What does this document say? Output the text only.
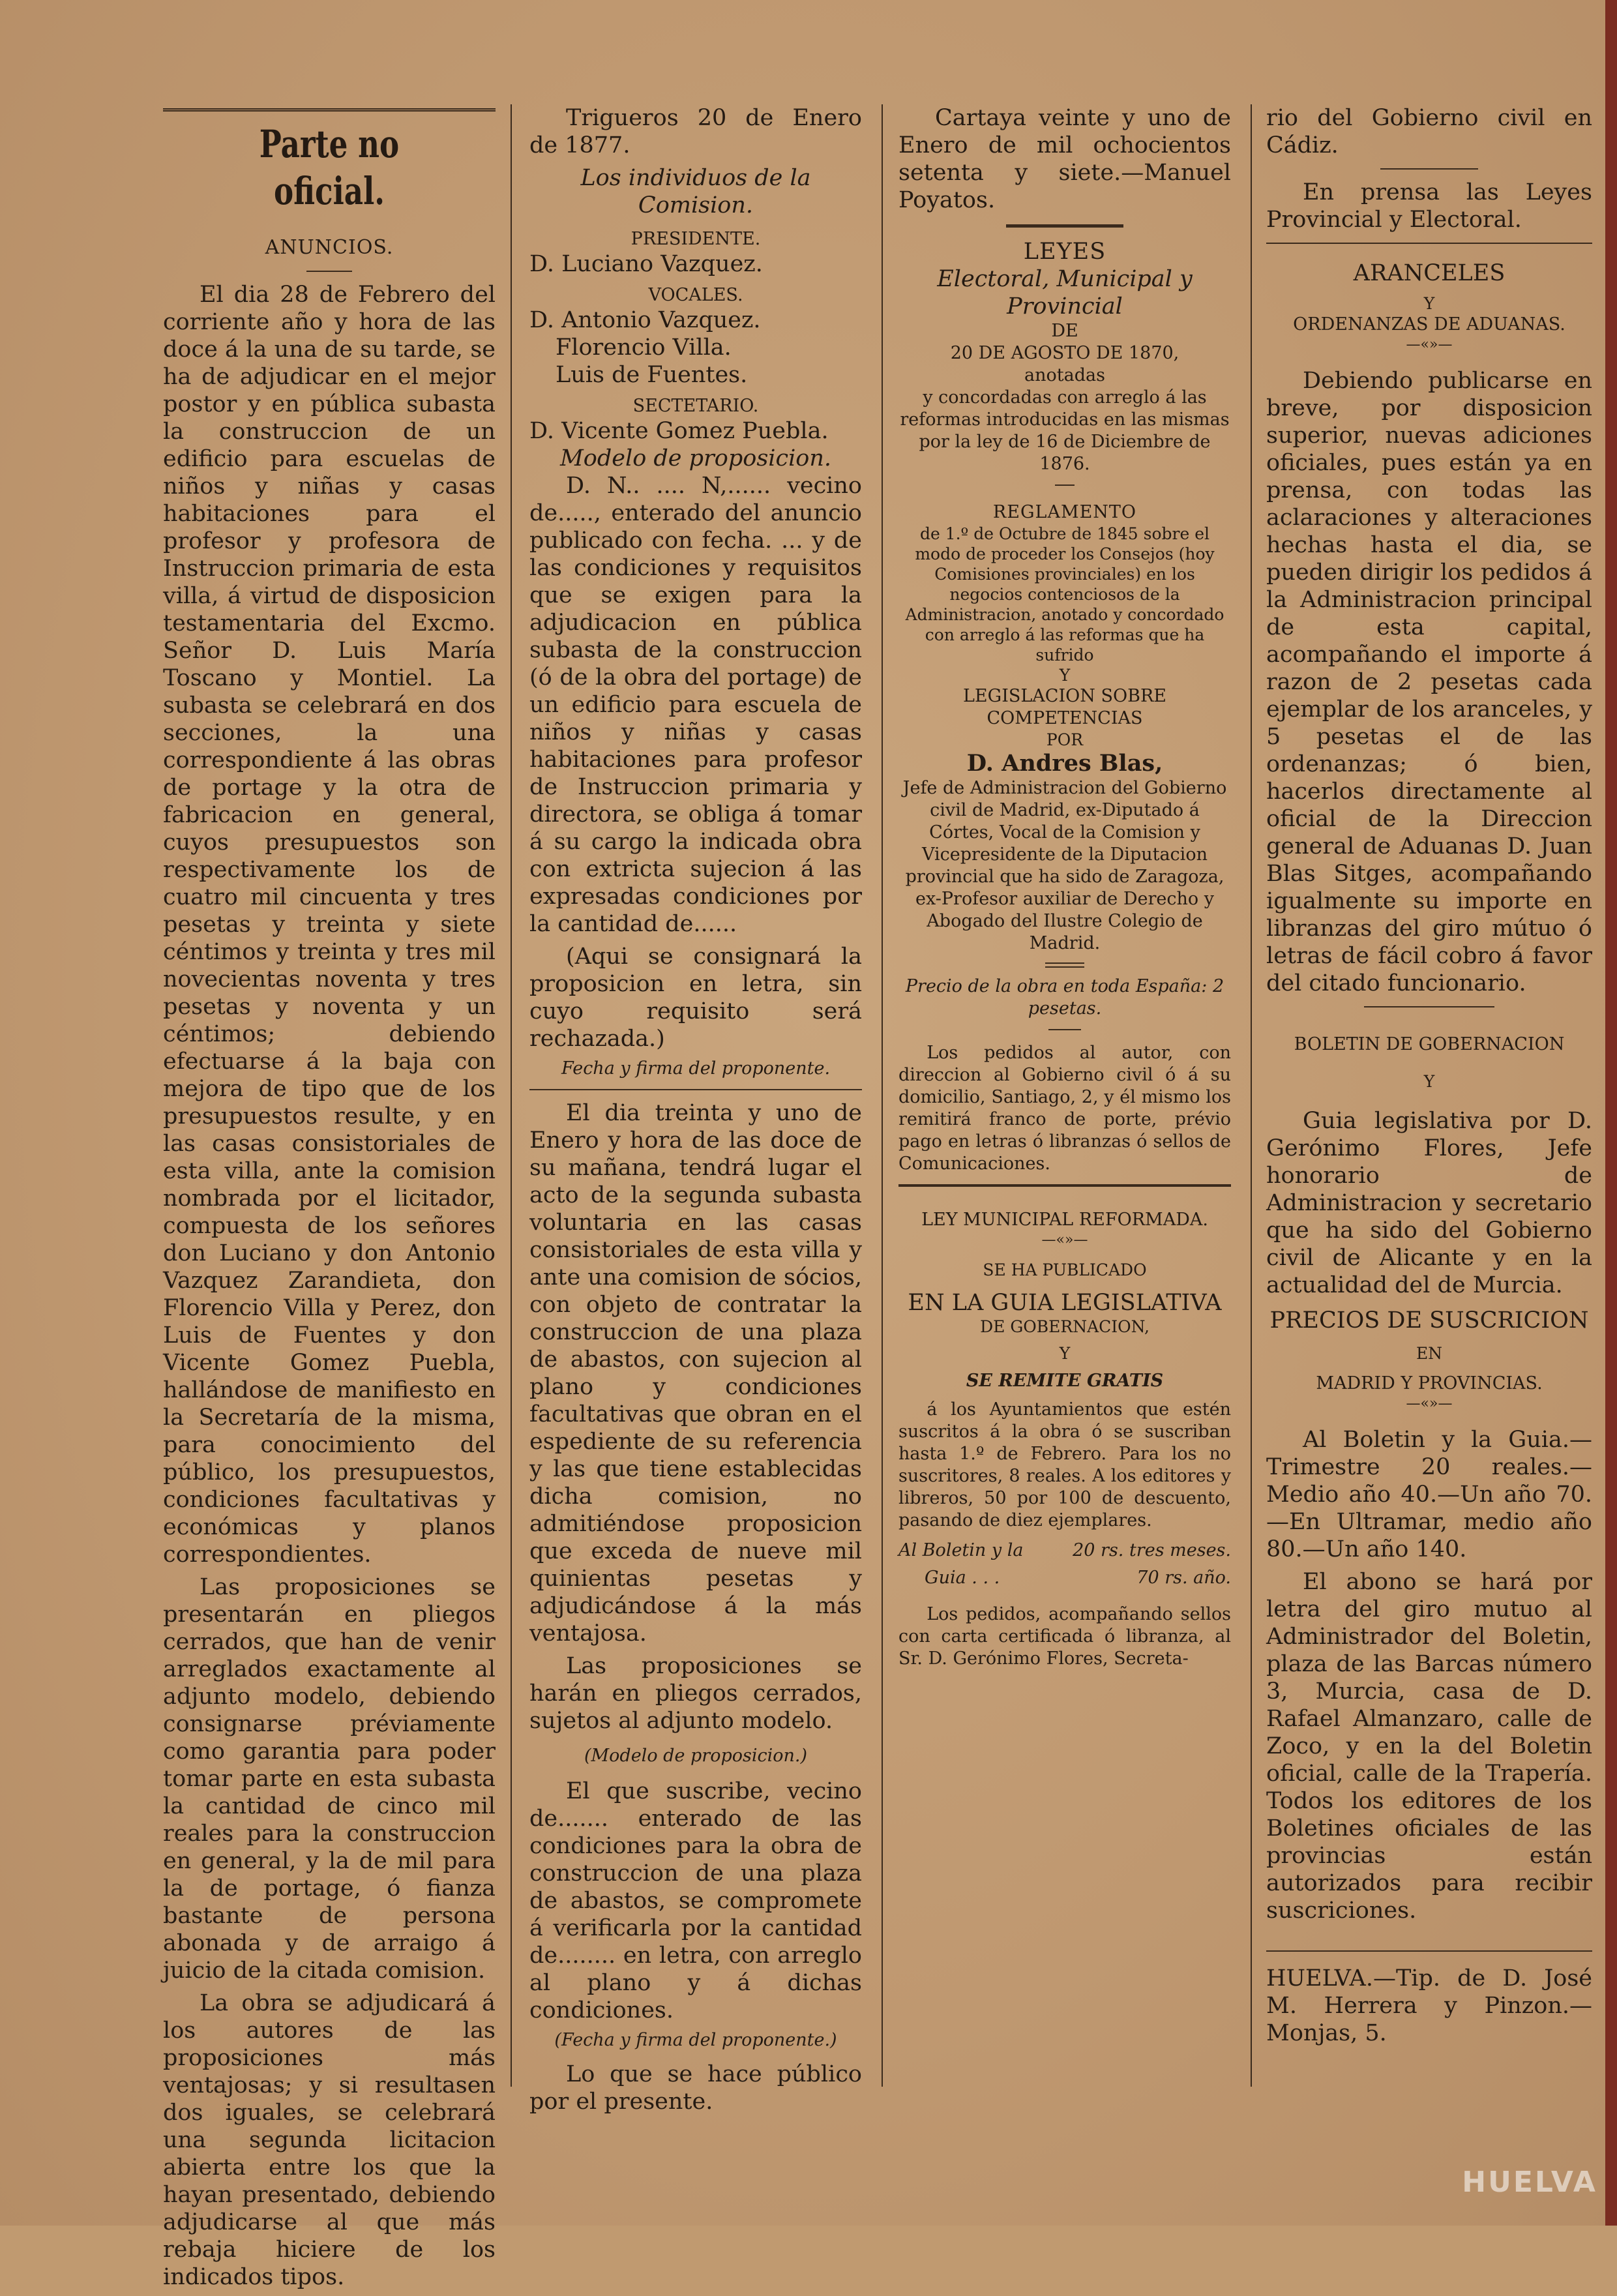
Parte no oficial.
ANUNCIOS.

El dia 28 de Febrero del corriente año y hora de las doce á la una de su tarde, se ha de adjudicar en el mejor postor y en pública subasta la construccion de un edificio para escuelas de niños y niñas y casas habitaciones para el profesor y profesora de Instruccion primaria de esta villa, á virtud de disposicion testamentaria del Excmo. Señor D. Luis María Toscano y Montiel. La subasta se celebrará en dos secciones, la una correspondiente á las obras de portage y la otra de fabricacion en general, cuyos presupuestos son respectivamente los de cuatro mil cincuenta y tres pesetas y treinta y siete céntimos y treinta y tres mil novecientas noventa y tres pesetas y noventa y un céntimos; debiendo efectuarse á la baja con mejora de tipo que de los presupuestos resulte, y en las casas consistoriales de esta villa, ante la comision nombrada por el licitador, compuesta de los señores don Luciano y don Antonio Vazquez Zarandieta, don Florencio Villa y Perez, don Luis de Fuentes y don Vicente Gomez Puebla, hallándose de manifiesto en la Secretaría de la misma, para conocimiento del público, los presupuestos, condiciones facultativas y económicas y planos correspondientes.

Las proposiciones se presentarán en pliegos cerrados, que han de venir arreglados exactamente al adjunto modelo, debiendo consignarse préviamente como garantia para poder tomar parte en esta subasta la cantidad de cinco mil reales para la construccion en general, y la de mil para la de portage, ó fianza bastante de persona abonada y de arraigo á juicio de la citada comision.

La obra se adjudicará á los autores de las proposiciones más ventajosas; y si resultasen dos iguales, se celebrará una segunda licitacion abierta entre los que la hayan presentado, debiendo adjudicarse al que más rebaja hiciere de los indicados tipos.

Trigueros 20 de Enero de 1877.

Los individuos de la Comision.
PRESIDENTE.
D. Luciano Vazquez.
VOCALES.
D. Antonio Vazquez.
Florencio Villa.
Luis de Fuentes.
SECTETARIO.
D. Vicente Gomez Puebla.
Modelo de proposicion.

D. N.. .... N,...... vecino de....., enterado del anuncio publicado con fecha. ... y de las condiciones y requisitos que se exigen para la adjudicacion en pública subasta de la construccion (ó de la obra del portage) de un edificio para escuela de niños y niñas y casas habitaciones para profesor de Instruccion primaria y directora, se obliga á tomar á su cargo la indicada obra con extricta sujecion á las expresadas condiciones por la cantidad de......

(Aqui se consignará la proposicion en letra, sin cuyo requisito será rechazada.)

Fecha y firma del proponente.

El dia treinta y uno de Enero y hora de las doce de su mañana, tendrá lugar el acto de la segunda subasta voluntaria en las casas consistoriales de esta villa y ante una comision de sócios, con objeto de contratar la construccion de una plaza de abastos, con sujecion al plano y condiciones facultativas que obran en el espediente de su referencia y las que tiene establecidas dicha comision, no admitiéndose proposicion que exceda de nueve mil quinientas pesetas y adjudicándose á la más ventajosa.

Las proposiciones se harán en pliegos cerrados, sujetos al adjunto modelo.

(Modelo de proposicion.)

El que suscribe, vecino de....... enterado de las condiciones para la obra de construccion de una plaza de abastos, se compromete á verificarla por la cantidad de........ en letra, con arreglo al plano y á dichas condiciones.

(Fecha y firma del proponente.)

Lo que se hace público por el presente.

Cartaya veinte y uno de Enero de mil ochocientos setenta y siete.—Manuel Poyatos.

LEYES
Electoral, Municipal y Provincial
DE
20 DE AGOSTO DE 1870,
anotadas
y concordadas con arreglo á las reformas introducidas en las mismas por la ley de 16 de Diciembre de 1876.
REGLAMENTO
de 1.º de Octubre de 1845 sobre el modo de proceder los Consejos (hoy Comisiones provinciales) en los negocios contenciosos de la Administracion, anotado y concordado con arreglo á las reformas que ha sufrido
Y
LEGISLACION SOBRE COMPETENCIAS
POR
D. Andres Blas,
Jefe de Administracion del Gobierno civil de Madrid, ex-Diputado á Córtes, Vocal de la Comision y Vicepresidente de la Diputacion provincial que ha sido de Zaragoza, ex-Profesor auxiliar de Derecho y Abogado del Ilustre Colegio de Madrid.
Precio de la obra en toda España: 2 pesetas.

Los pedidos al autor, con direccion al Gobierno civil ó á su domicilio, Santiago, 2, y él mismo los remitirá franco de porte, prévio pago en letras ó libranzas ó sellos de Comunicaciones.

LEY MUNICIPAL REFORMADA.
—«»—
SE HA PUBLICADO
EN LA GUIA LEGISLATIVA
DE GOBERNACION,
Y
SE REMITE GRATIS

á los Ayuntamientos que estén suscritos á la obra ó se suscriban hasta 1.º de Febrero. Para los no suscritores, 8 reales. A los editores y libreros, 50 por 100 de descuento, pasando de diez ejemplares.

Al Boletin y la	20 rs. tres meses.
Guia . . .	70 rs. año.

Los pedidos, acompañando sellos con carta certificada ó libranza, al Sr. D. Gerónimo Flores, Secreta-

rio del Gobierno civil en Cádiz.

En prensa las Leyes Provincial y Electoral.

ARANCELES
Y
ORDENANZAS DE ADUANAS.
—«»—

Debiendo publicarse en breve, por disposicion superior, nuevas adiciones oficiales, pues están ya en prensa, con todas las aclaraciones y alteraciones hechas hasta el dia, se pueden dirigir los pedidos á la Administracion principal de esta capital, acompañando el importe á razon de 2 pesetas cada ejemplar de los aranceles, y 5 pesetas el de las ordenanzas; ó bien, hacerlos directamente al oficial de la Direccion general de Aduanas D. Juan Blas Sitges, acompañando igualmente su importe en libranzas del giro mútuo ó letras de fácil cobro á favor del citado funcionario.

BOLETIN DE GOBERNACION
Y

Guia legislativa por D. Gerónimo Flores, Jefe honorario de Administracion y secretario que ha sido del Gobierno civil de Alicante y en la actualidad del de Murcia.

PRECIOS DE SUSCRICION
EN
MADRID Y PROVINCIAS.
—«»—

Al Boletin y la Guia.—Trimestre 20 reales.—Medio año 40.—Un año 70.—En Ultramar, medio año 80.—Un año 140.

El abono se hará por letra del giro mutuo al Administrador del Boletin, plaza de las Barcas número 3, Murcia, casa de D. Rafael Almanzaro, calle de Zoco, y en la del Boletin oficial, calle de la Trapería. Todos los editores de los Boletines oficiales de las provincias están autorizados para recibir suscriciones.

HUELVA.—Tip. de D. José M. Herrera y Pinzon.—Monjas, 5.
HUELVA
